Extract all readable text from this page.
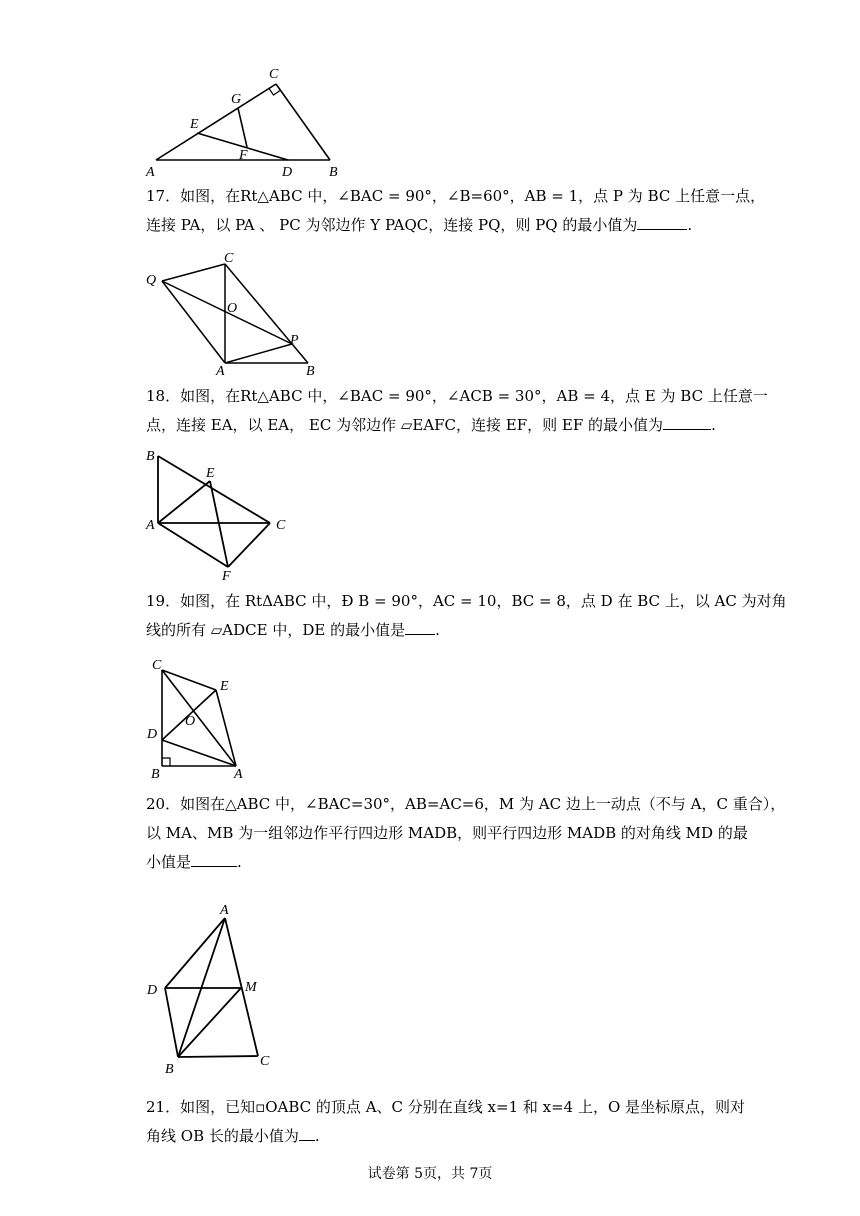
C
G
E
F
A	D	B

17．如图，在Rt△ABC 中，∠BAC = 90°，∠B=60°，AB = 1，点 P 为 BC 上任意一点，

连接 PA，以 PA 、 PC 为邻边作 Y PAQC，连接 PQ，则 PQ 的最小值为	.

Q
C
O
P
A	B

18．如图，在Rt△ABC 中，∠BAC = 90°，∠ACB = 30°，AB = 4，点 E 为 BC 上任意一

点，连接 EA，以 EA， EC 为邻边作 ▱EAFC，连接 EF，则 EF 的最小值为	.

B
E
A	C
F

19．如图，在 RtΔABC 中，Ð B = 90°，AC = 10，BC = 8，点 D 在 BC 上，以 AC 为对角

线的所有 ▱ADCE 中，DE 的最小值是 .

C
E
O
D
B	A

20．如图在△ABC 中，∠BAC=30°，AB=AC=6，M 为 AC 边上一动点（不与 A，C 重合），

以 MA、MB 为一组邻边作平行四边形 MADB，则平行四边形 MADB 的对角线 MD 的最

小值是	.

A
D	M
B
C

21．如图，已知▫OABC 的顶点 A、C 分别在直线 x=1 和 x=4 上，O 是坐标原点，则对

角线 OB 长的最小值为 .

试卷第 5页，共 7页
